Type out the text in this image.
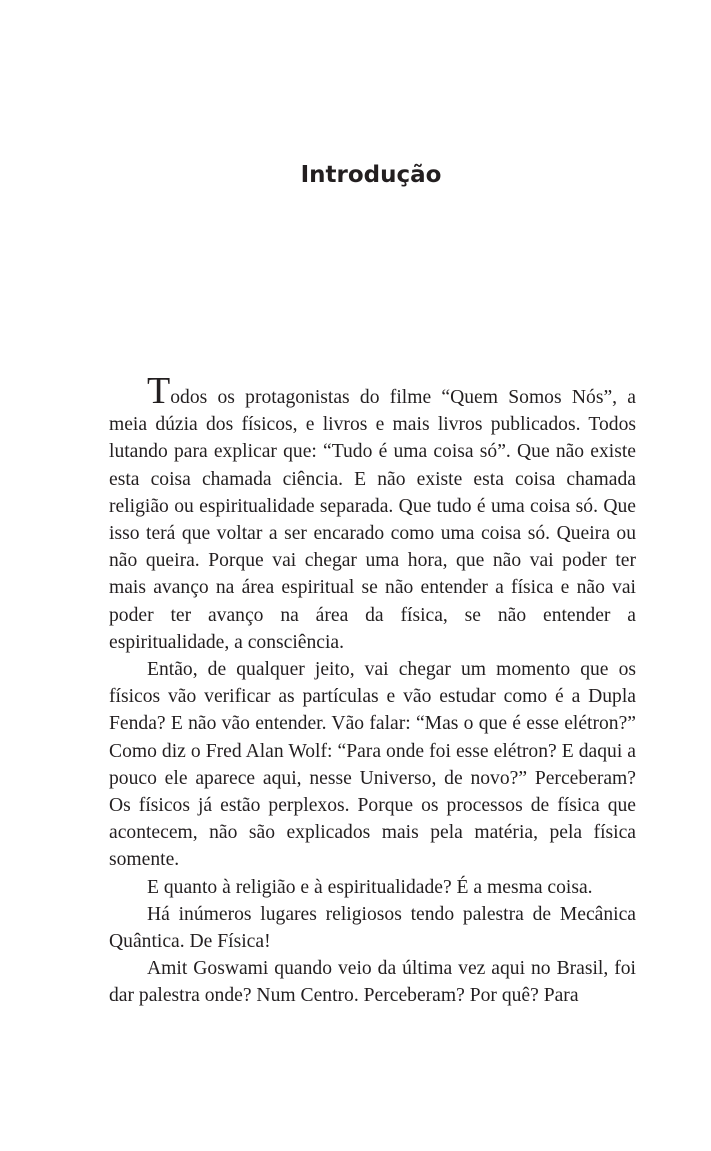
Introdução

Todos os protagonistas do filme “Quem Somos Nós”, a meia dúzia dos físicos, e livros e mais livros publicados. Todos lutando para explicar que: “Tudo é uma coisa só”. Que não existe esta coisa chamada ciência. E não existe esta coisa chamada religião ou espiritualidade separada. Que tudo é uma coisa só. Que isso terá que voltar a ser encarado como uma coisa só. Queira ou não queira. Porque vai chegar uma hora, que não vai poder ter mais avanço na área espiritual se não entender a física e não vai poder ter avanço na área da física, se não entender a espiritualidade, a consciência.

Então, de qualquer jeito, vai chegar um momento que os físicos vão verificar as partículas e vão estudar como é a Dupla Fenda? E não vão entender. Vão falar: “Mas o que é esse elétron?” Como diz o Fred Alan Wolf: “Para onde foi esse elétron? E daqui a pouco ele aparece aqui, nesse Universo, de novo?” Perceberam? Os físicos já estão perplexos. Porque os processos de física que acontecem, não são explicados mais pela matéria, pela física somente.

E quanto à religião e à espiritualidade? É a mesma coisa.

Há inúmeros lugares religiosos tendo palestra de Mecânica Quântica. De Física!

Amit Goswami quando veio da última vez aqui no Brasil, foi dar palestra onde? Num Centro. Perceberam? Por quê? Para
